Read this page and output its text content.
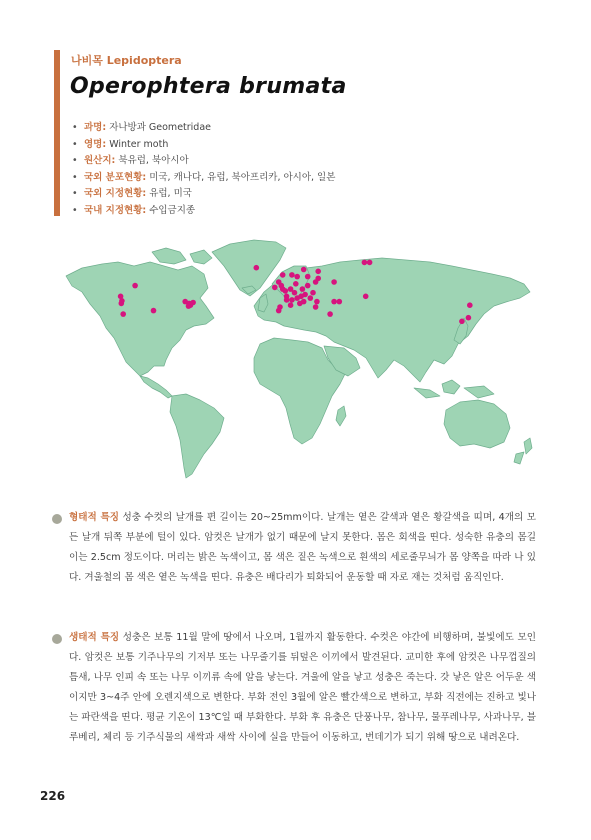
나비목 Lepidoptera
Operophtera brumata
• 과명: 자나방과 Geometridae
• 영명: Winter moth
• 원산지: 북유럽, 북아시아
• 국외 분포현황: 미국, 캐나다, 유럽, 북아프리카, 아시아, 일본
• 국외 지정현황: 유럽, 미국
• 국내 지정현황: 수입금지종
형태적 특징 성충 수컷의 날개를 편 길이는 20~25mm이다. 날개는 옅은 갈색과 옅은 황갈색을 띠며, 4개의 모든 날개 뒤쪽 부분에 털이 있다. 암컷은 날개가 없기 때문에 날지 못한다. 몸은 회색을 띤다. 성숙한 유충의 몸길이는 2.5cm 정도이다. 머리는 밝은 녹색이고, 몸 색은 짙은 녹색으로 흰색의 세로줄무늬가 몸 양쪽을 따라 나 있다. 겨울철의 몸 색은 옅은 녹색을 띤다. 유충은 배다리가 퇴화되어 운동할 때 자로 재는 것처럼 움직인다.
생태적 특징 성충은 보통 11월 말에 땅에서 나오며, 1월까지 활동한다. 수컷은 야간에 비행하며, 불빛에도 모인다. 암컷은 보통 기주나무의 기저부 또는 나무줄기를 뒤덮은 이끼에서 발견된다. 교미한 후에 암컷은 나무껍질의 틈새, 나무 인피 속 또는 나무 이끼류 속에 알을 낳는다. 겨울에 알을 낳고 성충은 죽는다. 갓 낳은 알은 어두운 색이지만 3~4주 안에 오렌지색으로 변한다. 부화 전인 3월에 알은 빨간색으로 변하고, 부화 직전에는 진하고 빛나는 파란색을 띤다. 평균 기온이 13℃일 때 부화한다. 부화 후 유충은 단풍나무, 참나무, 물푸레나무, 사과나무, 블루베리, 체리 등 기주식물의 새싹과 새싹 사이에 실을 만들어 이동하고, 번데기가 되기 위해 땅으로 내려온다.
226
